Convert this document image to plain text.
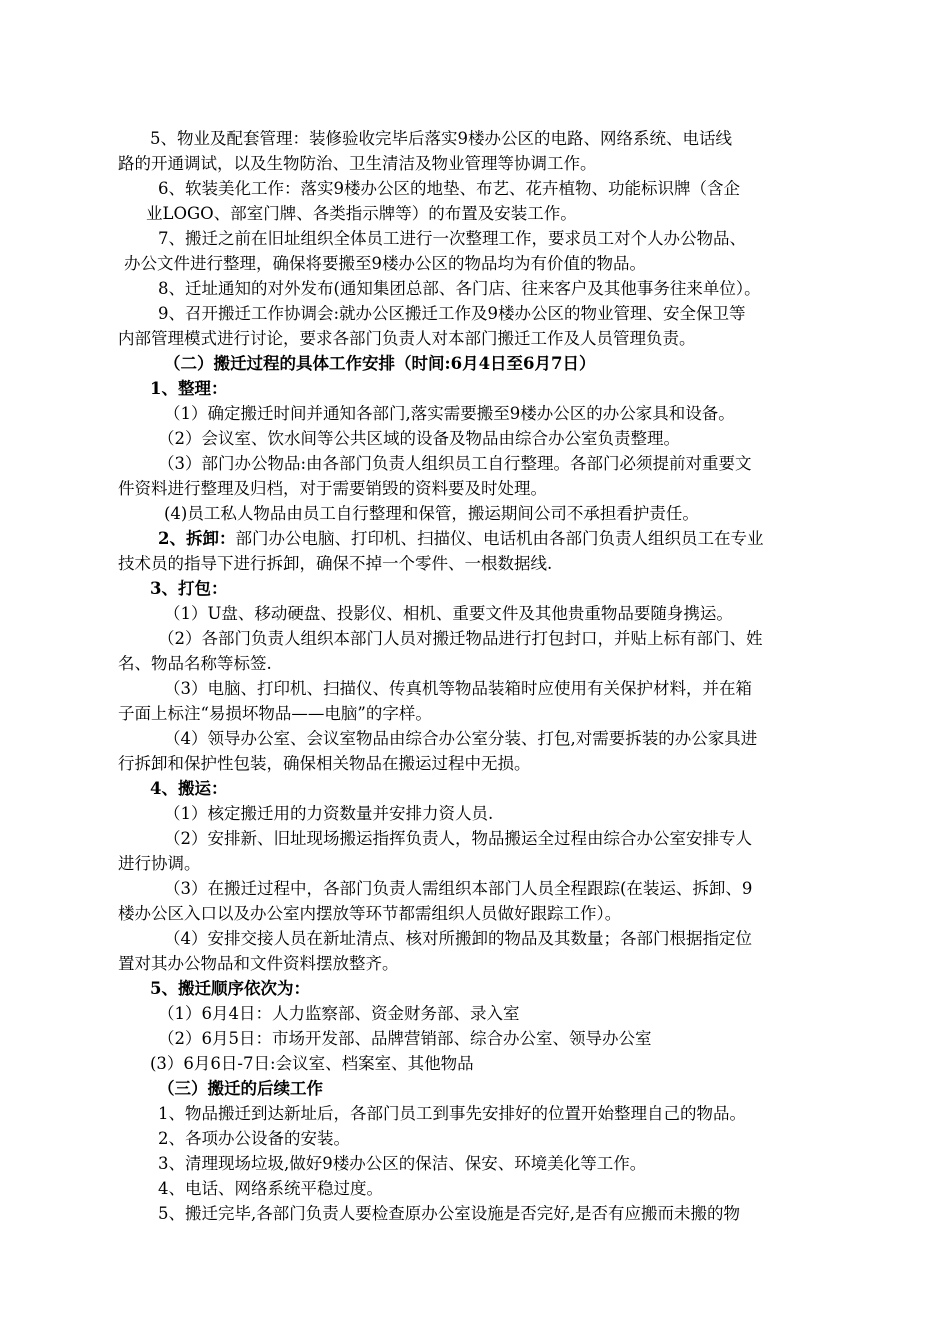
5、物业及配套管理：装修验收完毕后落实9楼办公区的电路、网络系统、电话线
路的开通调试，以及生物防治、卫生清洁及物业管理等协调工作。
6、软装美化工作：落实9楼办公区的地垫、布艺、花卉植物、功能标识牌（含企
业LOGO、部室门牌、各类指示牌等）的布置及安装工作。
7、搬迁之前在旧址组织全体员工进行一次整理工作，要求员工对个人办公物品、
办公文件进行整理，确保将要搬至9楼办公区的物品均为有价值的物品。
8、迁址通知的对外发布(通知集团总部、各门店、往来客户及其他事务往来单位）。
9、召开搬迁工作协调会:就办公区搬迁工作及9楼办公区的物业管理、安全保卫等
内部管理模式进行讨论，要求各部门负责人对本部门搬迁工作及人员管理负责。
（二）搬迁过程的具体工作安排（时间:6月4日至6月7日）
1、整理：
（1）确定搬迁时间并通知各部门,落实需要搬至9楼办公区的办公家具和设备。
（2）会议室、饮水间等公共区域的设备及物品由综合办公室负责整理。
（3）部门办公物品:由各部门负责人组织员工自行整理。各部门必须提前对重要文
件资料进行整理及归档，对于需要销毁的资料要及时处理。
(4)员工私人物品由员工自行整理和保管，搬运期间公司不承担看护责任。
2、拆卸：部门办公电脑、打印机、扫描仪、电话机由各部门负责人组织员工在专业
技术员的指导下进行拆卸，确保不掉一个零件、一根数据线.
3、打包：
（1）U盘、移动硬盘、投影仪、相机、重要文件及其他贵重物品要随身携运。
（2）各部门负责人组织本部门人员对搬迁物品进行打包封口，并贴上标有部门、姓
名、物品名称等标签.
（3）电脑、打印机、扫描仪、传真机等物品装箱时应使用有关保护材料，并在箱
子面上标注“易损坏物品——电脑”的字样。
（4）领导办公室、会议室物品由综合办公室分装、打包,对需要拆装的办公家具进
行拆卸和保护性包装，确保相关物品在搬运过程中无损。
4、搬运：
（1）核定搬迁用的力资数量并安排力资人员.
（2）安排新、旧址现场搬运指挥负责人，物品搬运全过程由综合办公室安排专人
进行协调。
（3）在搬迁过程中，各部门负责人需组织本部门人员全程跟踪(在装运、拆卸、9
楼办公区入口以及办公室内摆放等环节都需组织人员做好跟踪工作）。
（4）安排交接人员在新址清点、核对所搬卸的物品及其数量；各部门根据指定位
置对其办公物品和文件资料摆放整齐。
5、搬迁顺序依次为：
（1）6月4日：人力监察部、资金财务部、录入室
（2）6月5日：市场开发部、品牌营销部、综合办公室、领导办公室
(3）6月6日-7日:会议室、档案室、其他物品
（三）搬迁的后续工作
1、物品搬迁到达新址后，各部门员工到事先安排好的位置开始整理自己的物品。
2、各项办公设备的安装。
3、清理现场垃圾,做好9楼办公区的保洁、保安、环境美化等工作。
4、电话、网络系统平稳过度。
5、搬迁完毕,各部门负责人要检查原办公室设施是否完好,是否有应搬而未搬的物
